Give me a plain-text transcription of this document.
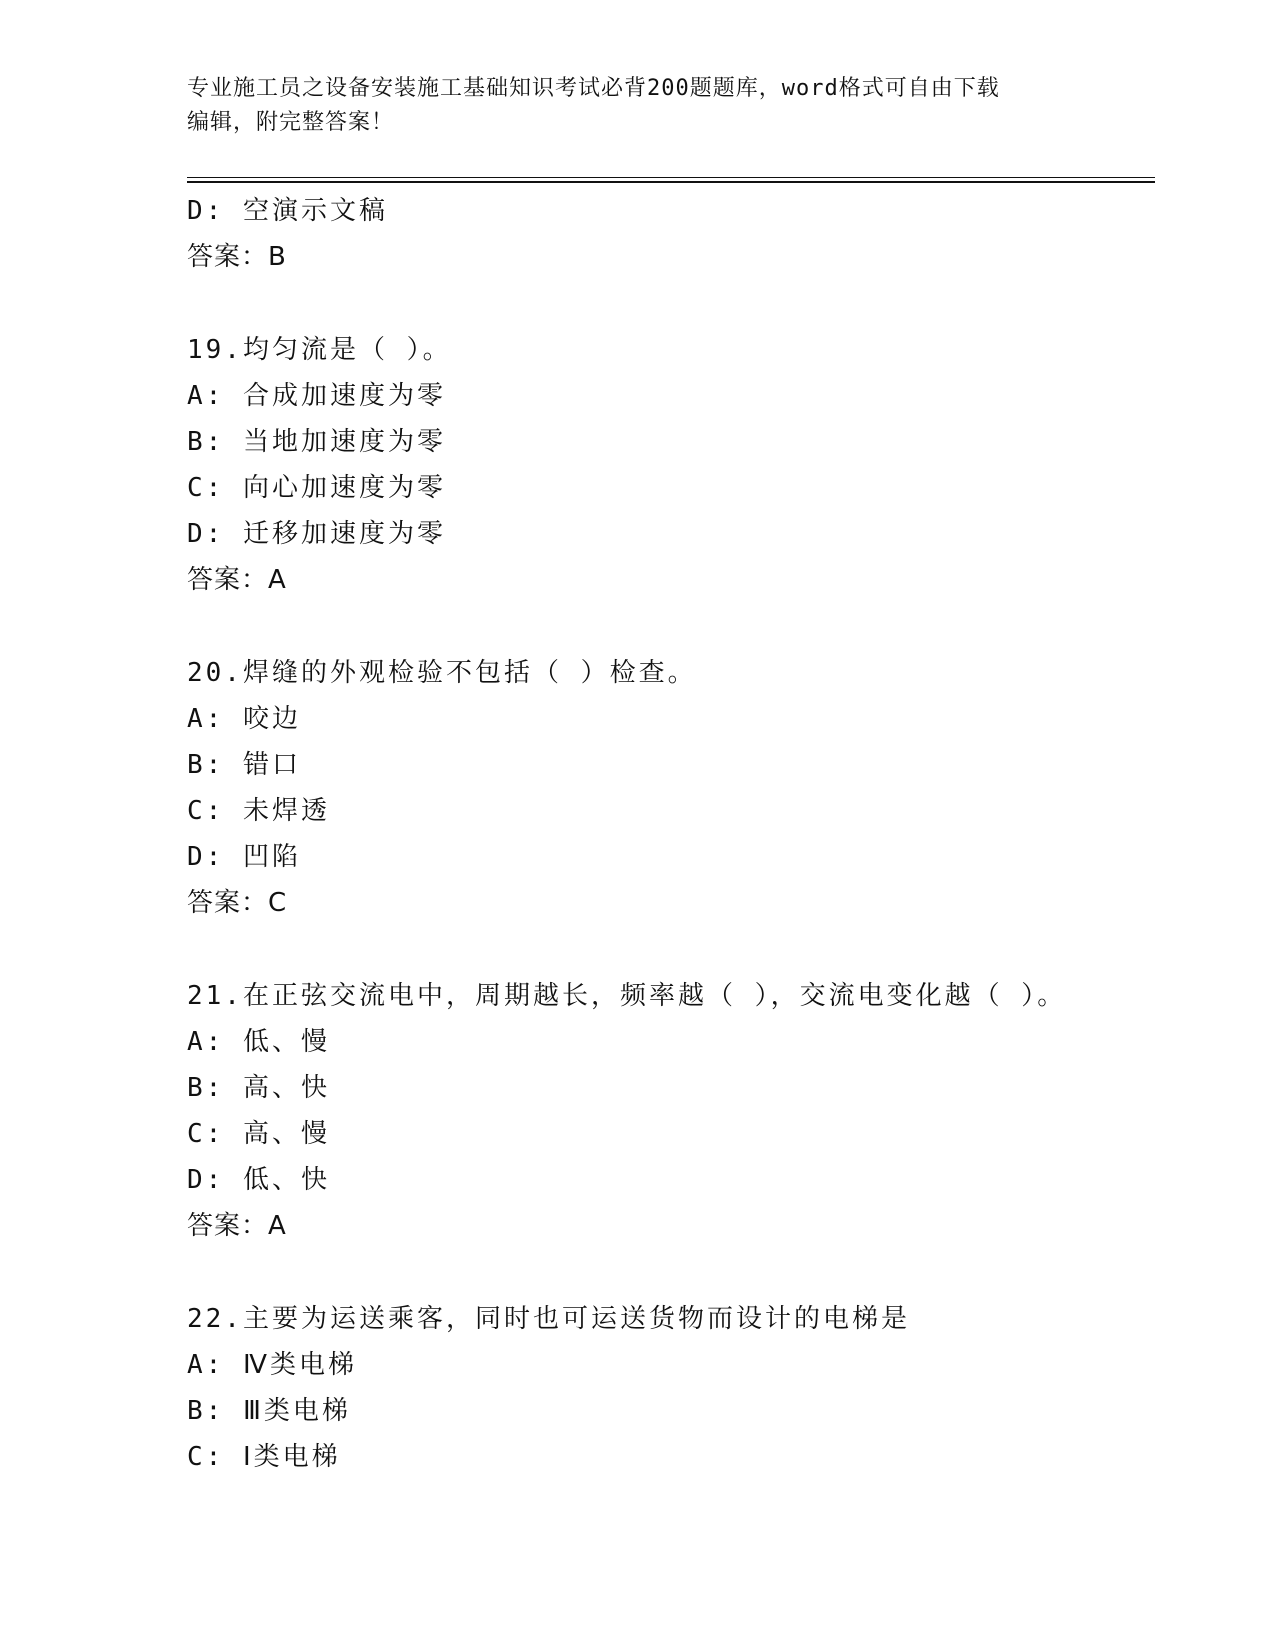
专业施工员之设备安装施工基础知识考试必背200题题库，word格式可自由下载
编辑，附完整答案！
D: 空演示文稿
答案：B
19.均匀流是（ ）。
A: 合成加速度为零
B: 当地加速度为零
C: 向心加速度为零
D: 迁移加速度为零
答案：A
20.焊缝的外观检验不包括（ ）检查。
A: 咬边
B: 错口
C: 未焊透
D: 凹陷
答案：C
21.在正弦交流电中，周期越长，频率越（ ），交流电变化越（ ）。
A: 低、慢
B: 高、快
C: 高、慢
D: 低、快
答案：A
22.主要为运送乘客，同时也可运送货物而设计的电梯是
A: Ⅳ类电梯
B: Ⅲ类电梯
C: Ⅰ类电梯
